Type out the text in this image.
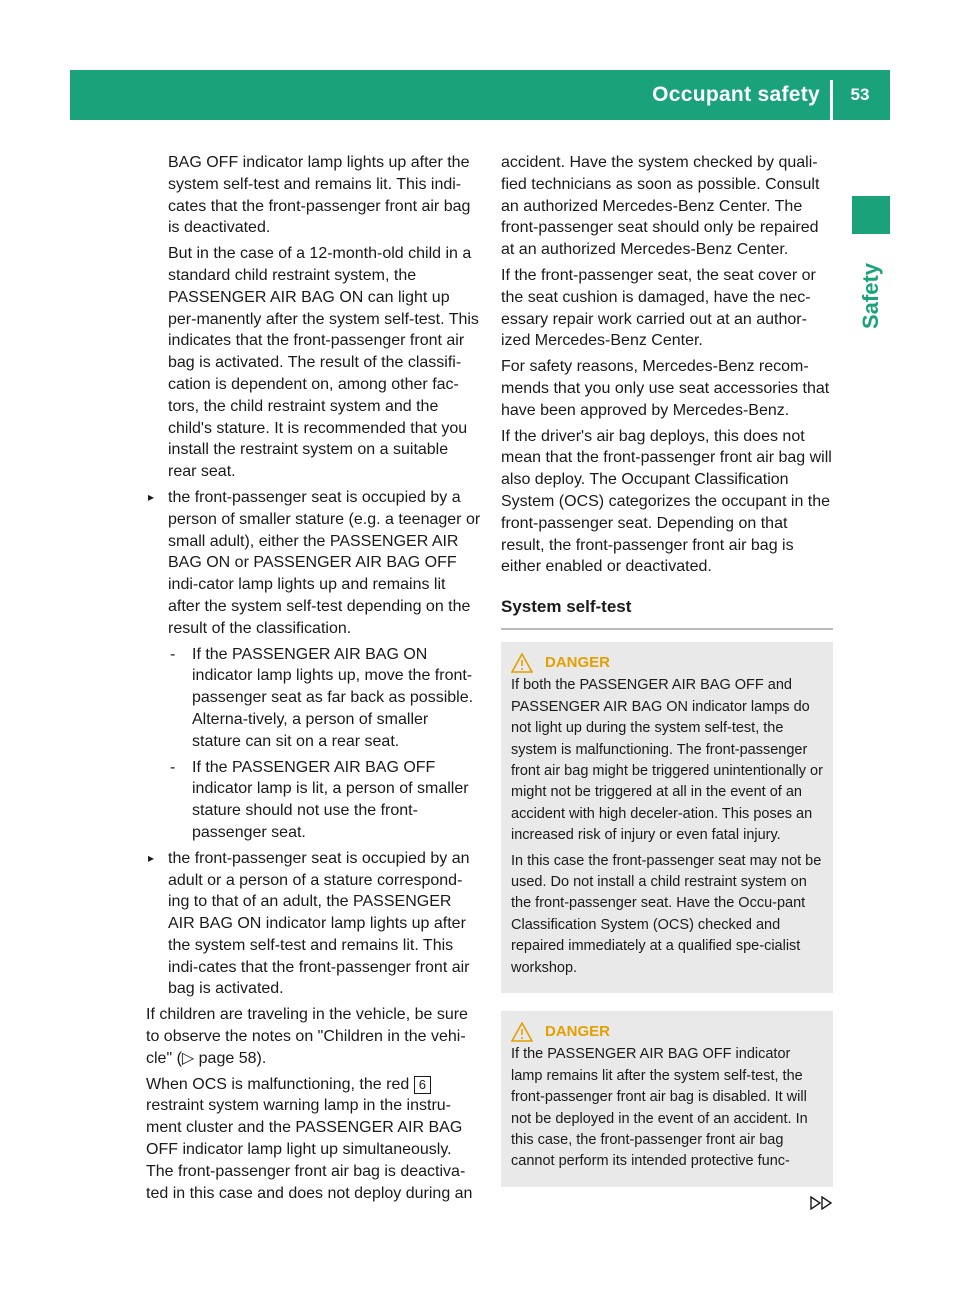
Occupant safety	53
Safety

BAG OFF indicator lamp lights up after the system self-test and remains lit. This indi-cates that the front-passenger front air bag is deactivated.

But in the case of a 12-month-old child in a standard child restraint system, the PASSENGER AIR BAG ON can light up per-manently after the system self-test. This indicates that the front-passenger front air bag is activated. The result of the classifi-cation is dependent on, among other fac-tors, the child restraint system and the child's stature. It is recommended that you install the restraint system on a suitable rear seat.

▸ the front-passenger seat is occupied by a person of smaller stature (e.g. a teenager or small adult), either the PASSENGER AIR BAG ON or PASSENGER AIR BAG OFF indi-cator lamp lights up and remains lit after the system self-test depending on the result of the classification.
- If the PASSENGER AIR BAG ON indicator lamp lights up, move the front-passenger seat as far back as possible. Alterna-tively, a person of smaller stature can sit on a rear seat.
- If the PASSENGER AIR BAG OFF indicator lamp is lit, a person of smaller stature should not use the front-passenger seat.
▸ the front-passenger seat is occupied by an adult or a person of a stature correspond-ing to that of an adult, the PASSENGER AIR BAG ON indicator lamp lights up after the system self-test and remains lit. This indi-cates that the front-passenger front air bag is activated.

If children are traveling in the vehicle, be sure to observe the notes on "Children in the vehi-cle" (▷ page 58).

When OCS is malfunctioning, the red 6 restraint system warning lamp in the instru-ment cluster and the PASSENGER AIR BAG OFF indicator lamp light up simultaneously. The front-passenger front air bag is deactiva-ted in this case and does not deploy during an

accident. Have the system checked by quali-fied technicians as soon as possible. Consult an authorized Mercedes-Benz Center. The front-passenger seat should only be repaired at an authorized Mercedes-Benz Center.

If the front-passenger seat, the seat cover or the seat cushion is damaged, have the nec-essary repair work carried out at an author-ized Mercedes-Benz Center.

For safety reasons, Mercedes-Benz recom-mends that you only use seat accessories that have been approved by Mercedes-Benz.

If the driver's air bag deploys, this does not mean that the front-passenger front air bag will also deploy. The Occupant Classification System (OCS) categorizes the occupant in the front-passenger seat. Depending on that result, the front-passenger front air bag is either enabled or deactivated.

System self-test
DANGER

If both the PASSENGER AIR BAG OFF and PASSENGER AIR BAG ON indicator lamps do not light up during the system self-test, the system is malfunctioning. The front-passenger front air bag might be triggered unintentionally or might not be triggered at all in the event of an accident with high deceler-ation. This poses an increased risk of injury or even fatal injury.

In this case the front-passenger seat may not be used. Do not install a child restraint system on the front-passenger seat. Have the Occu-pant Classification System (OCS) checked and repaired immediately at a qualified spe-cialist workshop.

DANGER

If the PASSENGER AIR BAG OFF indicator lamp remains lit after the system self-test, the front-passenger front air bag is disabled. It will not be deployed in the event of an accident. In this case, the front-passenger front air bag cannot perform its intended protective func-
